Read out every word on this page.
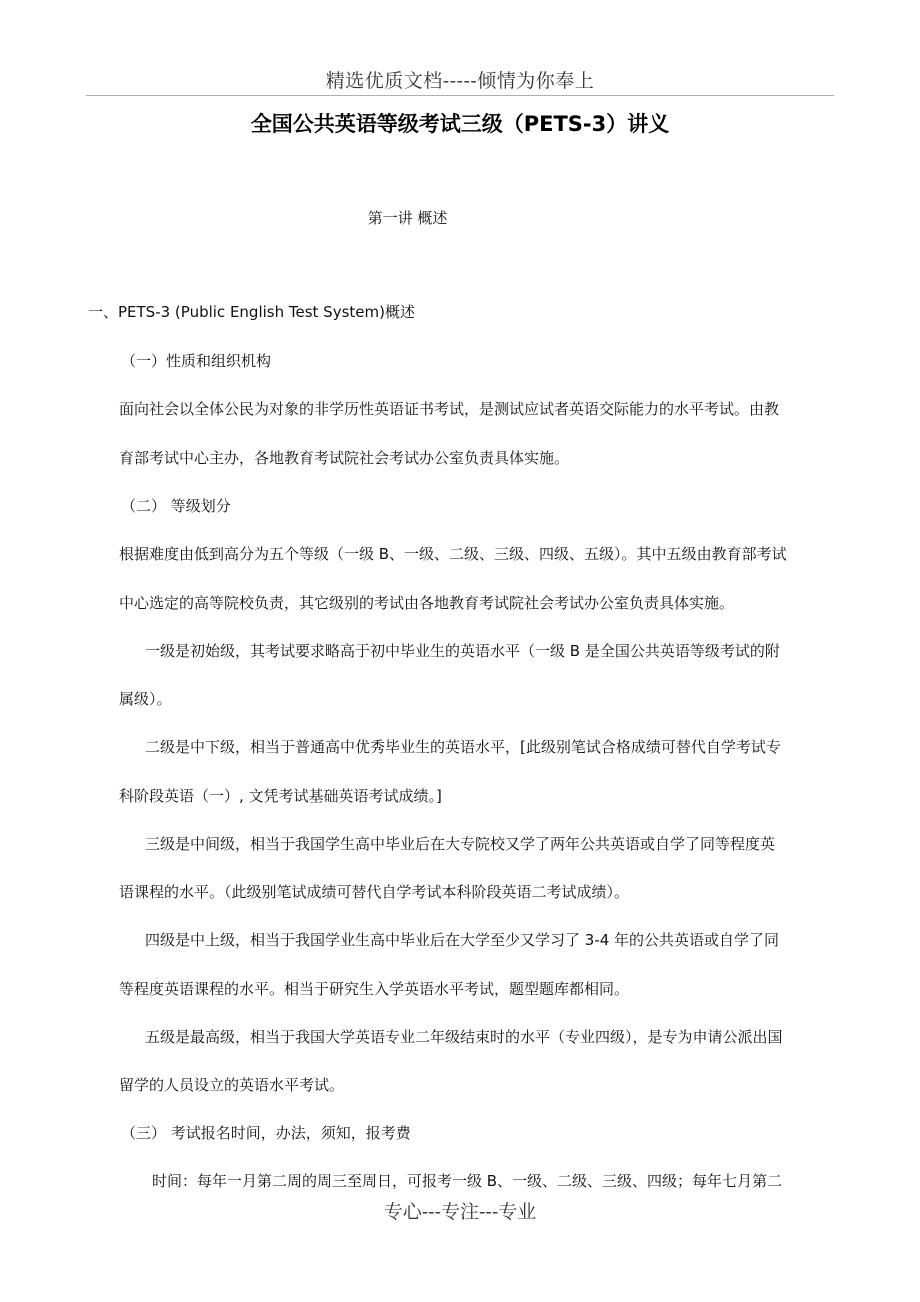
精选优质文档-----倾情为你奉上
全国公共英语等级考试三级（PETS-3）讲义
第一讲 概述
一、PETS-3 (Public English Test System)概述
（一）性质和组织机构
面向社会以全体公民为对象的非学历性英语证书考试，是测试应试者英语交际能力的水平考试。由教
育部考试中心主办，各地教育考试院社会考试办公室负责具体实施。
（二） 等级划分
根据难度由低到高分为五个等级（一级 B、一级、二级、三级、四级、五级）。其中五级由教育部考试
中心选定的高等院校负责，其它级别的考试由各地教育考试院社会考试办公室负责具体实施。
一级是初始级，其考试要求略高于初中毕业生的英语水平（一级 B 是全国公共英语等级考试的附
属级）。
二级是中下级，相当于普通高中优秀毕业生的英语水平，[此级别笔试合格成绩可替代自学考试专
科阶段英语（一）, 文凭考试基础英语考试成绩。]
三级是中间级，相当于我国学生高中毕业后在大专院校又学了两年公共英语或自学了同等程度英
语课程的水平。（此级别笔试成绩可替代自学考试本科阶段英语二考试成绩）。
四级是中上级，相当于我国学业生高中毕业后在大学至少又学习了 3-4 年的公共英语或自学了同
等程度英语课程的水平。相当于研究生入学英语水平考试，题型题库都相同。
五级是最高级，相当于我国大学英语专业二年级结束时的水平（专业四级），是专为申请公派出国
留学的人员设立的英语水平考试。
（三） 考试报名时间，办法，须知，报考费
时间：每年一月第二周的周三至周日，可报考一级 B、一级、二级、三级、四级；每年七月第二
专心---专注---专业
